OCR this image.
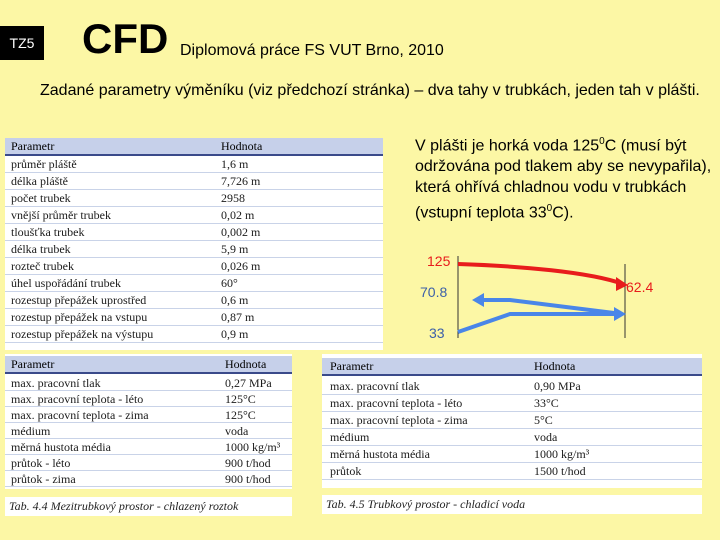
TZ5 CFD Diplomová práce FS VUT Brno, 2010
Zadané parametry výměníku (viz předchozí stránka) – dva tahy v trubkách, jeden tah v plášti.
V plášti je horká voda $125^0C$ (musí být održována pod tlakem aby se nevypařila), která ohřívá chladnou vodu v trubkách (vstupní teplota $33^0C$).
125
62.4
70.8
33
Parametr	Hodnota
průměr pláště	1,6 m
délka pláště	7,726 m
počet trubek	2958
vnější průměr trubek	0,02 m
tloušťka trubek	0,002 m
délka trubek	5,9 m
rozteč trubek	0,026 m
úhel uspořádání trubek	60°
rozestup přepážek uprostřed	0,6 m
rozestup přepážek na vstupu	0,87 m
rozestup přepážek na výstupu	0,9 m
Parametr	Hodnota
max. pracovní tlak	0,27 MPa
max. pracovní teplota - léto	125°C
max. pracovní teplota - zima	125°C
médium	voda
měrná hustota média	1000 kg/m³
průtok - léto	900 t/hod
průtok - zima	900 t/hod
Tab. 4.4 Mezitrubkový prostor - chlazený roztok
Parametr	Hodnota
max. pracovní tlak	0,90 MPa
max. pracovní teplota - léto	33°C
max. pracovní teplota - zima	5°C
médium	voda
měrná hustota média	1000 kg/m³
průtok	1500 t/hod
Tab. 4.5 Trubkový prostor - chladicí voda
